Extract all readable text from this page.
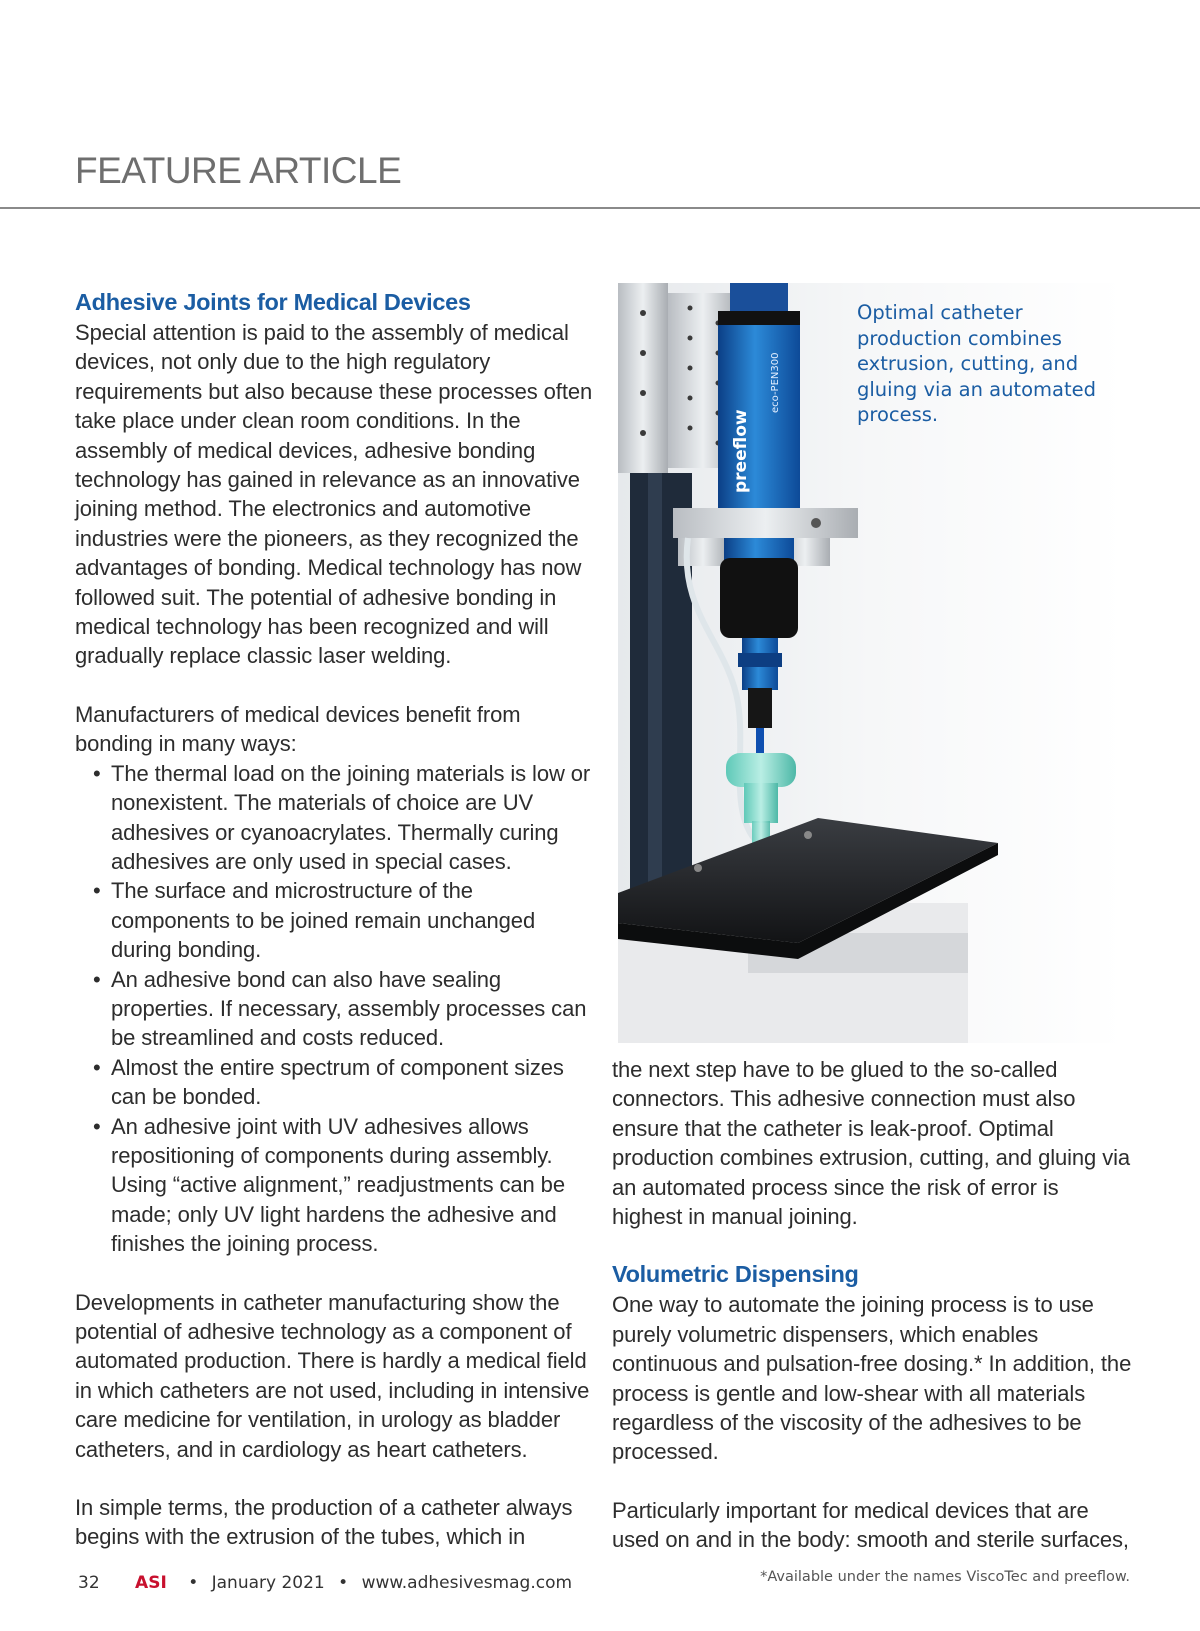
FEATURE ARTICLE
Adhesive Joints for Medical Devices

Special attention is paid to the assembly of medical devices, not only due to the high regulatory requirements but also because these processes often take place under clean room conditions. In the assembly of medical devices, adhesive bonding technology has gained in relevance as an innovative joining method. The electronics and automotive industries were the pioneers, as they recognized the advantages of bonding. Medical technology has now followed suit. The potential of adhesive bonding in medical technology has been recognized and will gradually replace classic laser welding.

Manufacturers of medical devices benefit from bonding in many ways:

• The thermal load on the joining materials is low or nonexistent. The materials of choice are UV adhesives or cyanoacrylates. Thermally curing adhesives are only used in special cases.
• The surface and microstructure of the components to be joined remain unchanged during bonding.
• An adhesive bond can also have sealing properties. If necessary, assembly processes can be streamlined and costs reduced.
• Almost the entire spectrum of component sizes can be bonded.
• An adhesive joint with UV adhesives allows repositioning of components during assembly. Using “active alignment,” readjustments can be made; only UV light hardens the adhesive and finishes the joining process.

Developments in catheter manufacturing show the potential of adhesive technology as a component of automated production. There is hardly a medical field in which catheters are not used, including in intensive care medicine for ventilation, in urology as bladder catheters, and in cardiology as heart catheters.

In simple terms, the production of a catheter always begins with the extrusion of the tubes, which in

preeflow
eco-PEN300
Optimal catheter production combines extrusion, cutting, and gluing via an automated process.

the next step have to be glued to the so-called connectors. This adhesive connection must also ensure that the catheter is leak-proof. Optimal production combines extrusion, cutting, and gluing via an automated process since the risk of error is highest in manual joining.

Volumetric Dispensing

One way to automate the joining process is to use purely volumetric dispensers, which enables continuous and pulsation-free dosing.* In addition, the process is gentle and low-shear with all materials regardless of the viscosity of the adhesives to be processed.

Particularly important for medical devices that are used on and in the body: smooth and sterile surfaces,

32 ASI • January 2021 • www.adhesivesmag.com	*Available under the names ViscoTec and preeflow.
